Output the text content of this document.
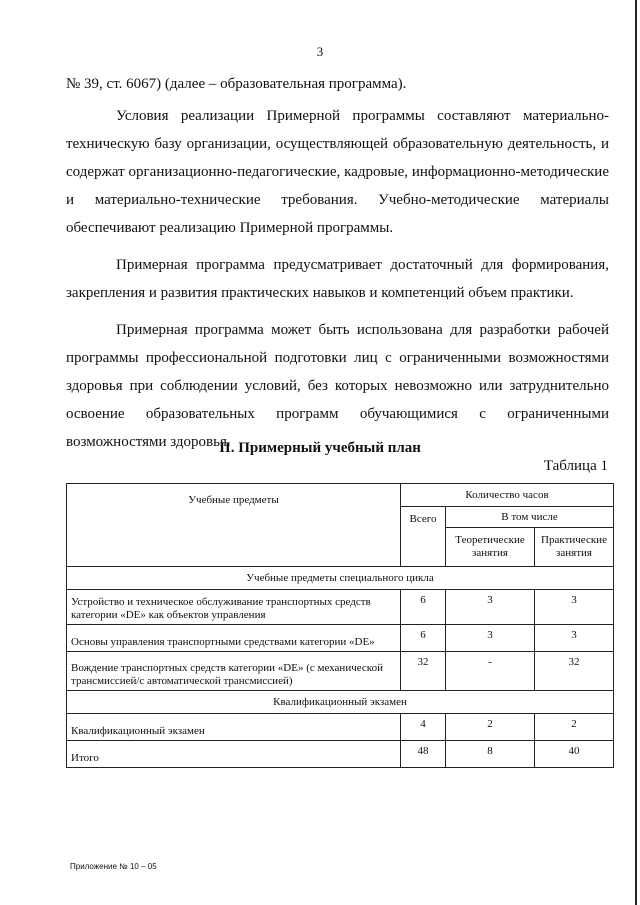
3

№ 39, ст. 6067) (далее – образовательная программа).

Условия реализации Примерной программы составляют материально-техническую базу организации, осуществляющей образовательную деятельность, и содержат организационно-педагогические, кадровые, информационно-методические и материально-технические требования. Учебно-методические материалы обеспечивают реализацию Примерной программы.

Примерная программа предусматривает достаточный для формирования, закрепления и развития практических навыков и компетенций объем практики.

Примерная программа может быть использована для разработки рабочей программы профессиональной подготовки лиц с ограниченными возможностями здоровья при соблюдении условий, без которых невозможно или затруднительно освоение образовательных программ обучающимися с ограниченными возможностями здоровья.

II. Примерный учебный план
Таблица 1
Учебные предметы	Количество часов		
	Всего	В том числе	
		Теоретические занятия	Практические занятия
Учебные предметы специального цикла			
Устройство и техническое обслуживание транспортных средств категории «DE» как объектов управления	6	3	3
Основы управления транспортными средствами категории «DE»	6	3	3
Вождение транспортных средств категории «DE» (с механической трансмиссией/с автоматической трансмиссией)	32	-	32
Квалификационный экзамен			
Квалификационный экзамен	4	2	2
Итого	48	8	40
Приложение № 10 – 05
